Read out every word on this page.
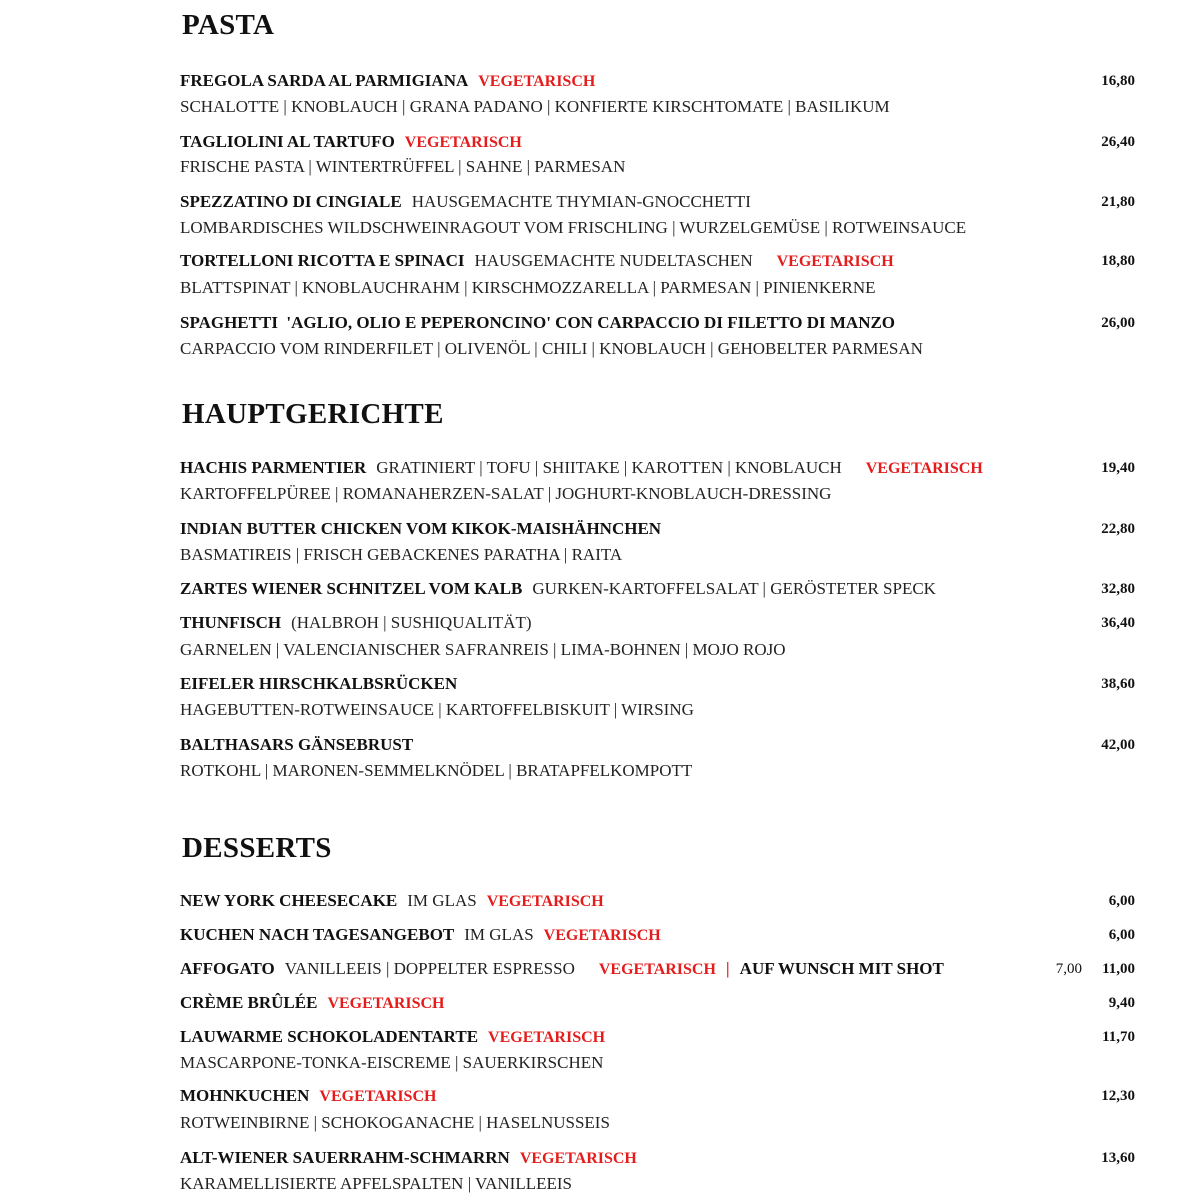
PASTA
FREGOLA SARDA AL PARMIGIANA VEGETARISCH	16,80
SCHALOTTE | KNOBLAUCH | GRANA PADANO | KONFIERTE KIRSCHTOMATE | BASILIKUM
TAGLIOLINI AL TARTUFO VEGETARISCH	26,40
FRISCHE PASTA | WINTERTRÜFFEL | SAHNE | PARMESAN
SPEZZATINO DI CINGIALE HAUSGEMACHTE THYMIAN-GNOCCHETTI	21,80
LOMBARDISCHES WILDSCHWEINRAGOUT VOM FRISCHLING | WURZELGEMÜSE | ROTWEINSAUCE
TORTELLONI RICOTTA E SPINACI HAUSGEMACHTE NUDELTASCHEN VEGETARISCH	18,80
BLATTSPINAT | KNOBLAUCHRAHM | KIRSCHMOZZARELLA | PARMESAN | PINIENKERNE
SPAGHETTI  'AGLIO, OLIO E PEPERONCINO' CON CARPACCIO DI FILETTO DI MANZO	26,00
CARPACCIO VOM RINDERFILET | OLIVENÖL | CHILI | KNOBLAUCH | GEHOBELTER PARMESAN
HAUPTGERICHTE
HACHIS PARMENTIER GRATINIERT | TOFU | SHIITAKE | KAROTTEN | KNOBLAUCH VEGETARISCH	19,40
KARTOFFELPÜREE | ROMANAHERZEN-SALAT | JOGHURT-KNOBLAUCH-DRESSING
INDIAN BUTTER CHICKEN VOM KIKOK-MAISHÄHNCHEN	22,80
BASMATIREIS | FRISCH GEBACKENES PARATHA | RAITA
ZARTES WIENER SCHNITZEL VOM KALB GURKEN-KARTOFFELSALAT | GERÖSTETER SPECK	32,80
THUNFISCH (HALBROH | SUSHIQUALITÄT)	36,40
GARNELEN | VALENCIANISCHER SAFRANREIS | LIMA-BOHNEN | MOJO ROJO
EIFELER HIRSCHKALBSRÜCKEN	38,60
HAGEBUTTEN-ROTWEINSAUCE | KARTOFFELBISKUIT | WIRSING
BALTHASARS GÄNSEBRUST	42,00
ROTKOHL | MARONEN-SEMMELKNÖDEL | BRATAPFELKOMPOTT
DESSERTS
NEW YORK CHEESECAKE IM GLAS VEGETARISCH	6,00
KUCHEN NACH TAGESANGEBOT IM GLAS VEGETARISCH	6,00
AFFOGATO VANILLEEIS | DOPPELTER ESPRESSO VEGETARISCH | AUF WUNSCH MIT SHOT	7,00 11,00
CRÈME BRÛLÉE VEGETARISCH	9,40
LAUWARME SCHOKOLADENTARTE VEGETARISCH	11,70
MASCARPONE-TONKA-EISCREME | SAUERKIRSCHEN
MOHNKUCHEN VEGETARISCH	12,30
ROTWEINBIRNE | SCHOKOGANACHE | HASELNUSSEIS
ALT-WIENER SAUERRAHM-SCHMARRN VEGETARISCH	13,60
KARAMELLISIERTE APFELSPALTEN | VANILLEEIS
